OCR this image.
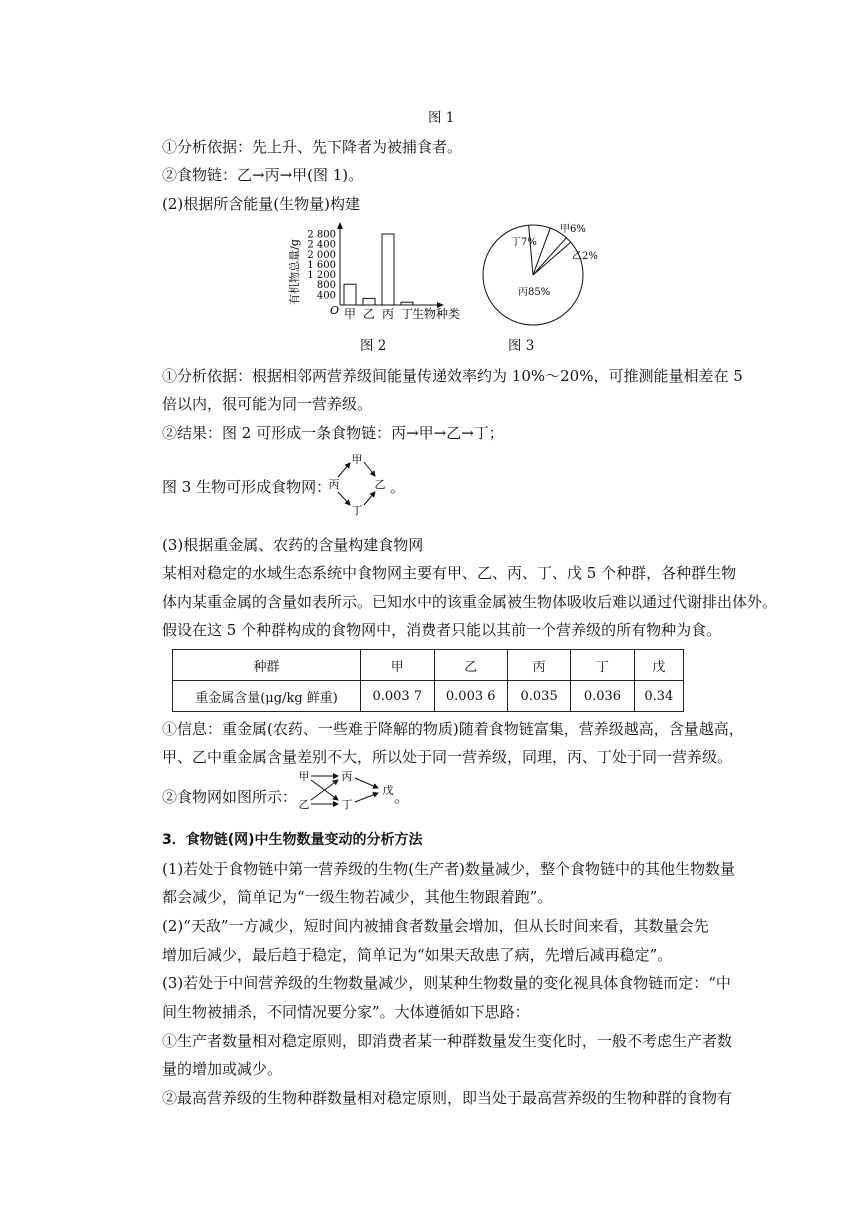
图 1
①分析依据：先上升、先下降者为被捕食者。
②食物链：乙→丙→甲(图 1)。
(2)根据所含能量(生物量)构建
有机物总量/g 400
800
1 200
1 600
2 000
2 400
2 800
O 甲 乙 丙 丁
生物种类
图 2
甲6%
丁7%
乙2%
丙85%
图 3
①分析依据：根据相邻两营养级间能量传递效率约为 10%～20%，可推测能量相差在 5
倍以内，很可能为同一营养级。
②结果：图 2 可形成一条食物链：丙→甲→乙→丁；
图 3 生物可形成食物网：
甲
丙	乙
丁
。
(3)根据重金属、农药的含量构建食物网
某相对稳定的水域生态系统中食物网主要有甲、乙、丙、丁、戊 5 个种群，各种群生物
体内某重金属的含量如表所示。已知水中的该重金属被生物体吸收后难以通过代谢排出体外。
假设在这 5 个种群构成的食物网中，消费者只能以其前一个营养级的所有物种为食。
种群	甲	乙	丙	丁	戊
重金属含量(μg/kg 鲜重)	0.003 7	0.003 6	0.035	0.036	0.34
①信息：重金属(农药、一些难于降解的物质)随着食物链富集，营养级越高，含量越高，
甲、乙中重金属含量差别不大，所以处于同一营养级，同理，丙、丁处于同一营养级。
②食物网如图所示：
甲	丙
乙	丁
戊 。
3．食物链(网)中生物数量变动的分析方法
(1)若处于食物链中第一营养级的生物(生产者)数量减少，整个食物链中的其他生物数量
都会减少，简单记为“一级生物若减少，其他生物跟着跑”。
(2)“天敌”一方减少，短时间内被捕食者数量会增加，但从长时间来看，其数量会先
增加后减少，最后趋于稳定，简单记为“如果天敌患了病，先增后减再稳定”。
(3)若处于中间营养级的生物数量减少，则某种生物数量的变化视具体食物链而定：“中
间生物被捕杀，不同情况要分家”。大体遵循如下思路：
①生产者数量相对稳定原则，即消费者某一种群数量发生变化时，一般不考虑生产者数
量的增加或减少。
②最高营养级的生物种群数量相对稳定原则，即当处于最高营养级的生物种群的食物有
